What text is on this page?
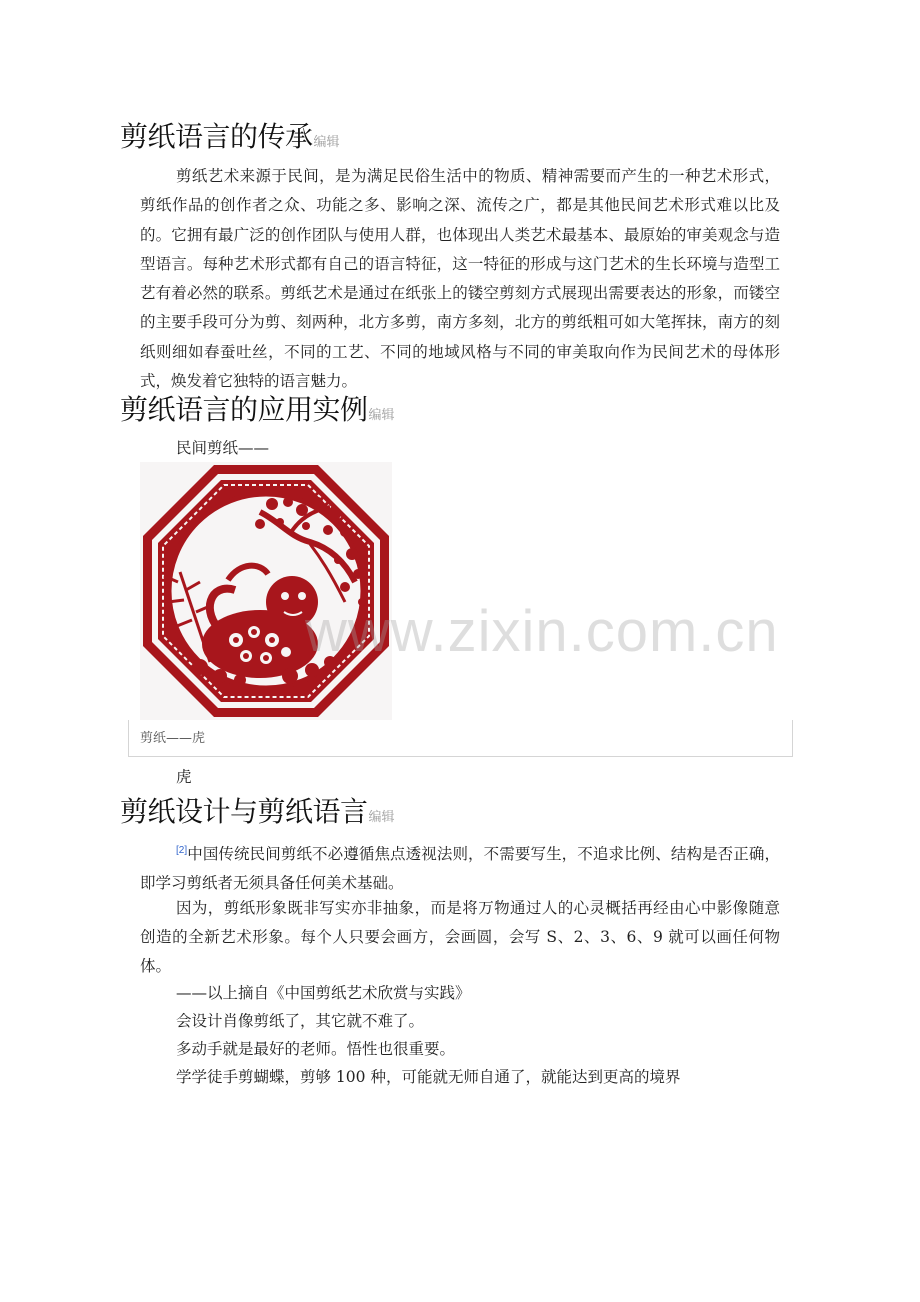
剪纸语言的传承编辑
剪纸艺术来源于民间，是为满足民俗生活中的物质、精神需要而产生的一种艺术形式，剪纸作品的创作者之众、功能之多、影响之深、流传之广，都是其他民间艺术形式难以比及的。它拥有最广泛的创作团队与使用人群，也体现出人类艺术最基本、最原始的审美观念与造型语言。每种艺术形式都有自己的语言特征，这一特征的形成与这门艺术的生长环境与造型工艺有着必然的联系。剪纸艺术是通过在纸张上的镂空剪刻方式展现出需要表达的形象，而镂空的主要手段可分为剪、刻两种，北方多剪，南方多刻，北方的剪纸粗可如大笔挥抹，南方的刻纸则细如春蚕吐丝，不同的工艺、不同的地域风格与不同的审美取向作为民间艺术的母体形式，焕发着它独特的语言魅力。
剪纸语言的应用实例编辑
民间剪纸——
剪纸——虎
虎
www.zixin.com.cn
剪纸设计与剪纸语言编辑
[2]中国传统民间剪纸不必遵循焦点透视法则，不需要写生，不追求比例、结构是否正确，即学习剪纸者无须具备任何美术基础。
因为，剪纸形象既非写实亦非抽象，而是将万物通过人的心灵概括再经由心中影像随意创造的全新艺术形象。每个人只要会画方，会画圆，会写 S、2、3、6、9 就可以画任何物体。
——以上摘自《中国剪纸艺术欣赏与实践》
会设计肖像剪纸了，其它就不难了。
多动手就是最好的老师。悟性也很重要。
学学徒手剪蝴蝶，剪够 100 种，可能就无师自通了，就能达到更高的境界
